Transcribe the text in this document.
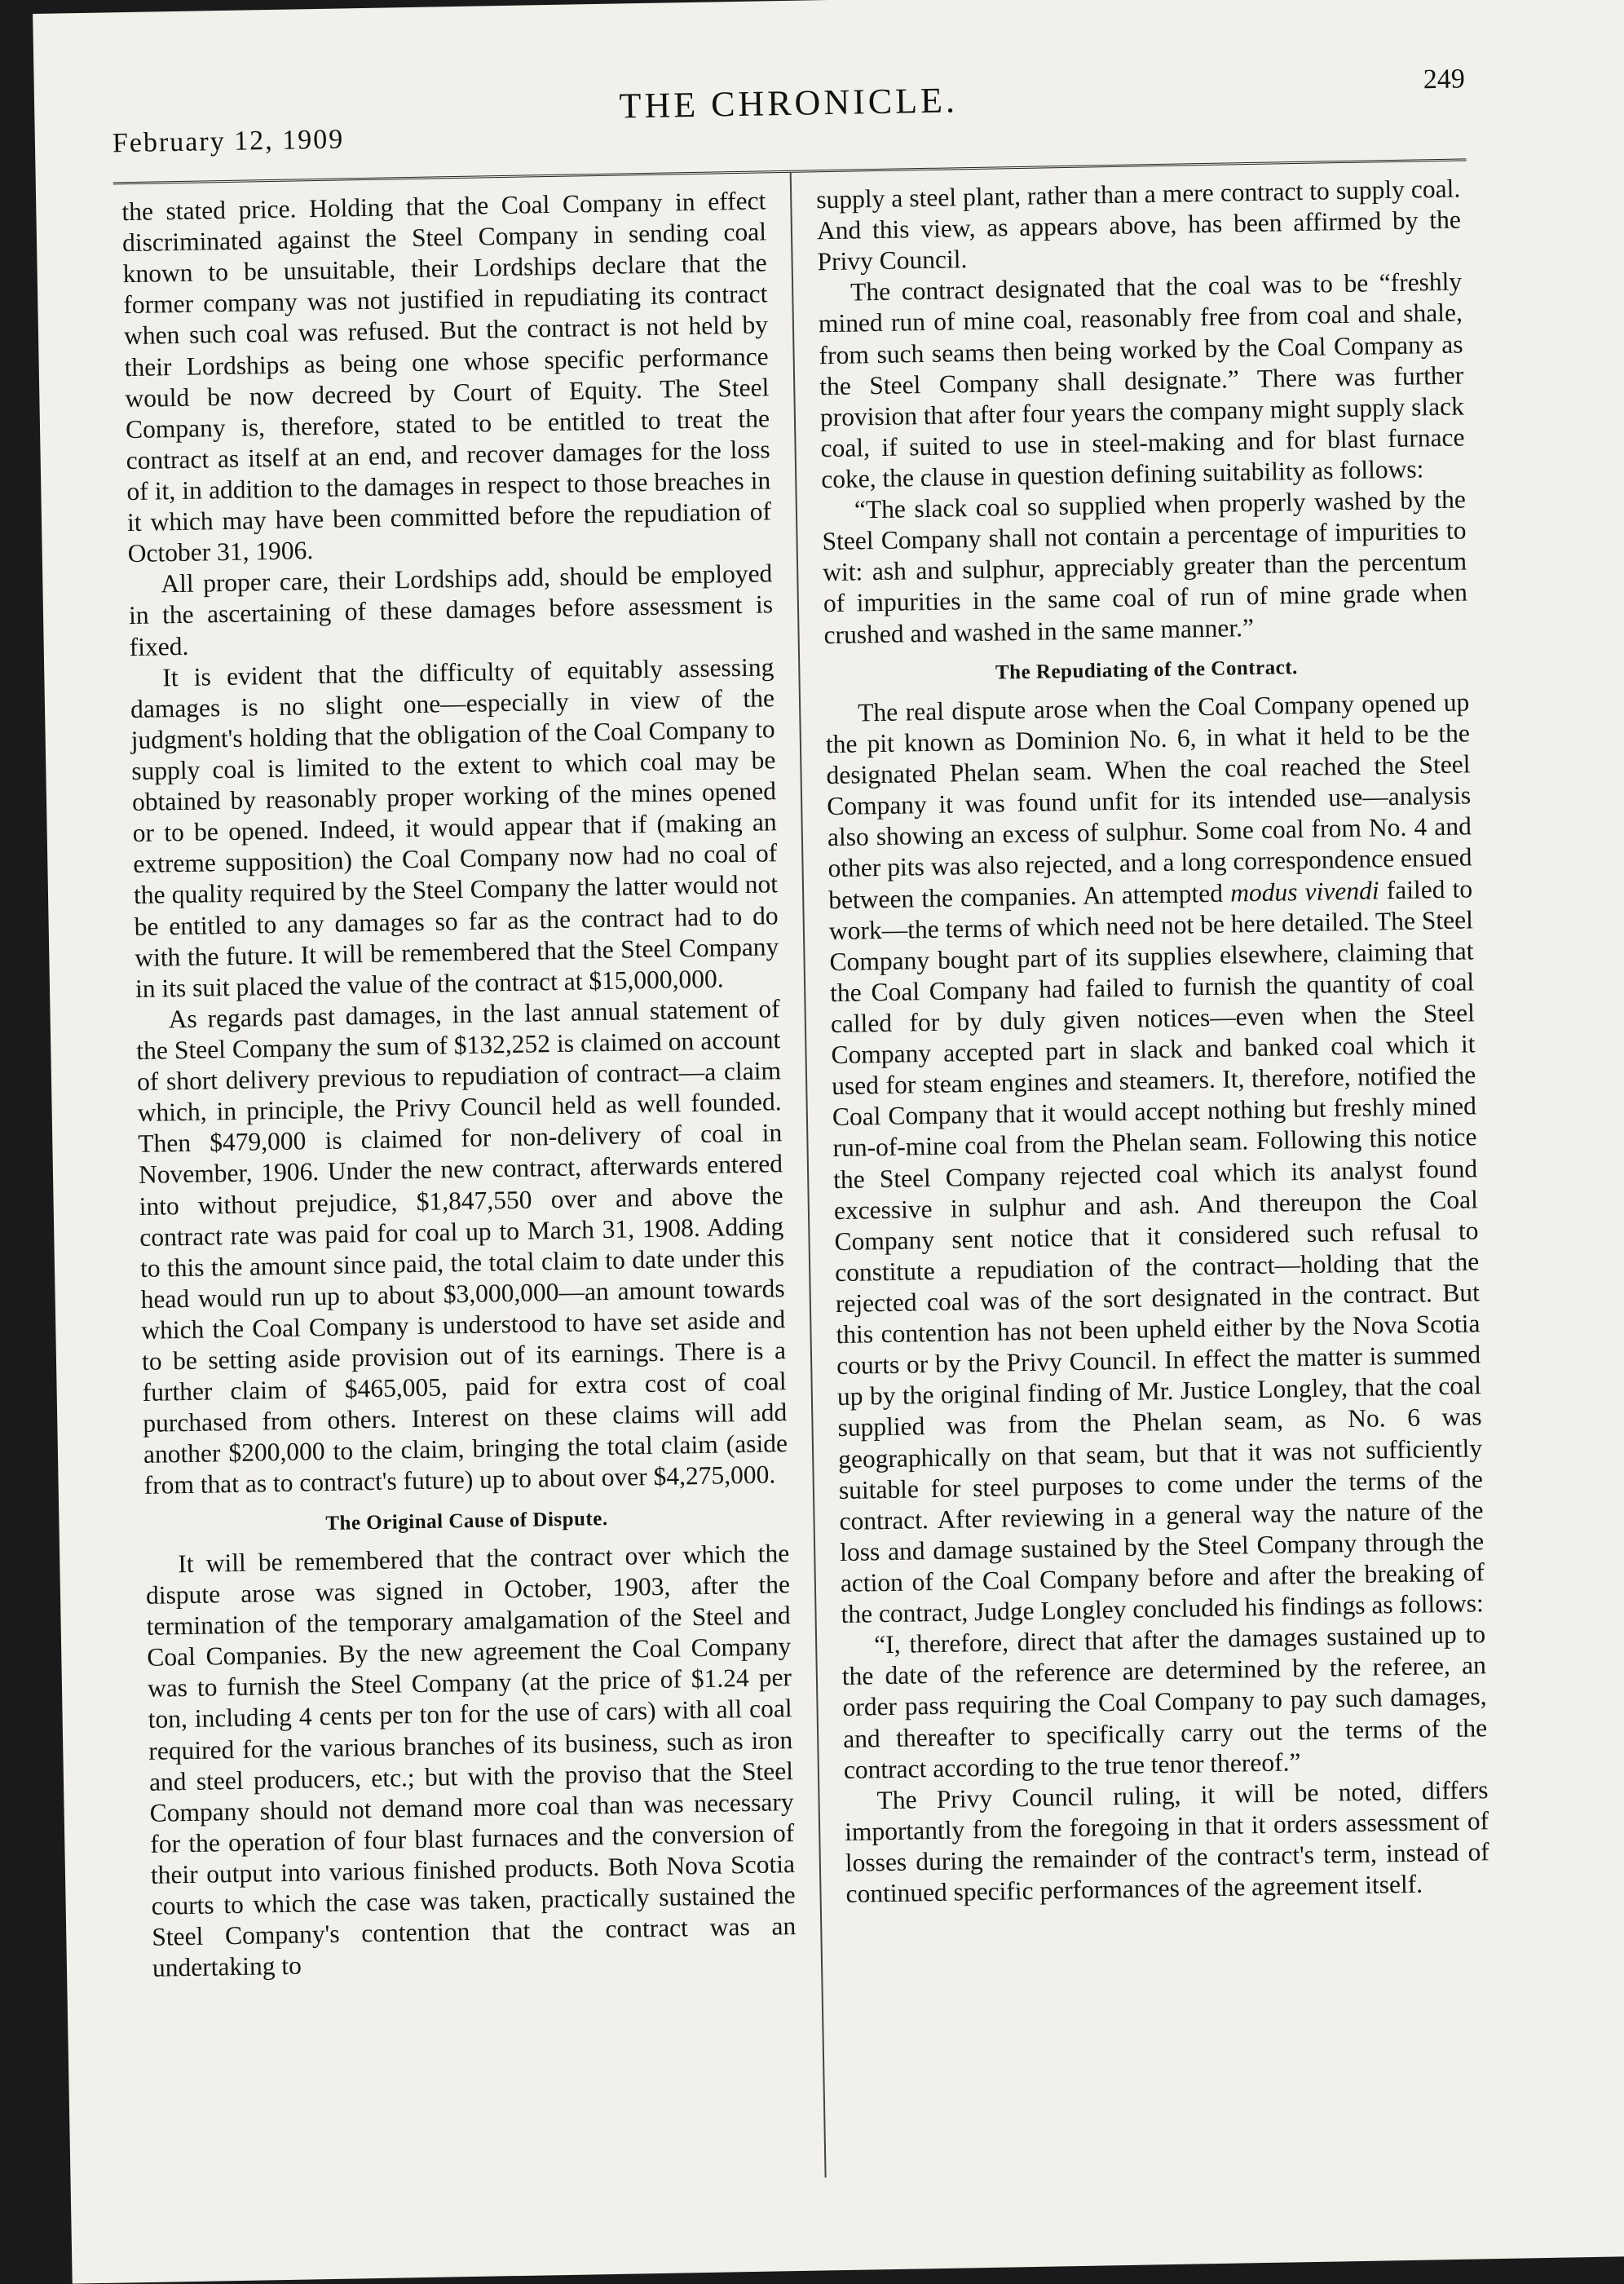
February 12, 1909
THE CHRONICLE.
249

the stated price. Holding that the Coal Company in effect discriminated against the Steel Company in sending coal known to be unsuitable, their Lordships declare that the former company was not justified in repudiating its contract when such coal was refused. But the contract is not held by their Lordships as being one whose specific performance would be now decreed by Court of Equity. The Steel Company is, therefore, stated to be entitled to treat the contract as itself at an end, and recover damages for the loss of it, in addition to the damages in respect to those breaches in it which may have been committed before the repudiation of October 31, 1906.

All proper care, their Lordships add, should be employed in the ascertaining of these damages before assessment is fixed.

It is evident that the difficulty of equitably assessing damages is no slight one—especially in view of the judgment's holding that the obligation of the Coal Company to supply coal is limited to the extent to which coal may be obtained by reasonably proper working of the mines opened or to be opened. Indeed, it would appear that if (making an extreme supposition) the Coal Company now had no coal of the quality required by the Steel Company the latter would not be entitled to any damages so far as the contract had to do with the future. It will be remembered that the Steel Company in its suit placed the value of the contract at $15,000,000.

As regards past damages, in the last annual statement of the Steel Company the sum of $132,252 is claimed on account of short delivery previous to repudiation of contract—a claim which, in principle, the Privy Council held as well founded. Then $479,000 is claimed for non-delivery of coal in November, 1906. Under the new contract, afterwards entered into without prejudice, $1,847,550 over and above the contract rate was paid for coal up to March 31, 1908. Adding to this the amount since paid, the total claim to date under this head would run up to about $3,000,000—an amount towards which the Coal Company is understood to have set aside and to be setting aside provision out of its earnings. There is a further claim of $465,005, paid for extra cost of coal purchased from others. Interest on these claims will add another $200,000 to the claim, bringing the total claim (aside from that as to contract's future) up to about over $4,275,000.

The Original Cause of Dispute.

It will be remembered that the contract over which the dispute arose was signed in October, 1903, after the termination of the temporary amalgamation of the Steel and Coal Companies. By the new agreement the Coal Company was to furnish the Steel Company (at the price of $1.24 per ton, including 4 cents per ton for the use of cars) with all coal required for the various branches of its business, such as iron and steel producers, etc.; but with the proviso that the Steel Company should not demand more coal than was necessary for the operation of four blast furnaces and the conversion of their output into various finished products. Both Nova Scotia courts to which the case was taken, practically sustained the Steel Company's contention that the contract was an undertaking to

supply a steel plant, rather than a mere contract to supply coal. And this view, as appears above, has been affirmed by the Privy Council.

The contract designated that the coal was to be “freshly mined run of mine coal, reasonably free from coal and shale, from such seams then being worked by the Coal Company as the Steel Company shall designate.” There was further provision that after four years the company might supply slack coal, if suited to use in steel-making and for blast furnace coke, the clause in question defining suitability as follows:

“The slack coal so supplied when properly washed by the Steel Company shall not contain a percentage of impurities to wit: ash and sulphur, appreciably greater than the percentum of impurities in the same coal of run of mine grade when crushed and washed in the same manner.”

The Repudiating of the Contract.

The real dispute arose when the Coal Company opened up the pit known as Dominion No. 6, in what it held to be the designated Phelan seam. When the coal reached the Steel Company it was found unfit for its intended use—analysis also showing an excess of sulphur. Some coal from No. 4 and other pits was also rejected, and a long correspondence ensued between the companies. An attempted modus vivendi failed to work—the terms of which need not be here detailed. The Steel Company bought part of its supplies elsewhere, claiming that the Coal Company had failed to furnish the quantity of coal called for by duly given notices—even when the Steel Company accepted part in slack and banked coal which it used for steam engines and steamers. It, therefore, notified the Coal Company that it would accept nothing but freshly mined run-of-mine coal from the Phelan seam. Following this notice the Steel Company rejected coal which its analyst found excessive in sulphur and ash. And thereupon the Coal Company sent notice that it considered such refusal to constitute a repudiation of the contract—holding that the rejected coal was of the sort designated in the contract. But this contention has not been upheld either by the Nova Scotia courts or by the Privy Council. In effect the matter is summed up by the original finding of Mr. Justice Longley, that the coal supplied was from the Phelan seam, as No. 6 was geographically on that seam, but that it was not sufficiently suitable for steel purposes to come under the terms of the contract. After reviewing in a general way the nature of the loss and damage sustained by the Steel Company through the action of the Coal Company before and after the breaking of the contract, Judge Longley concluded his findings as follows:

“I, therefore, direct that after the damages sustained up to the date of the reference are determined by the referee, an order pass requiring the Coal Company to pay such damages, and thereafter to specifically carry out the terms of the contract according to the true tenor thereof.”

The Privy Council ruling, it will be noted, differs importantly from the foregoing in that it orders assessment of losses during the remainder of the contract's term, instead of continued specific performances of the agreement itself.
